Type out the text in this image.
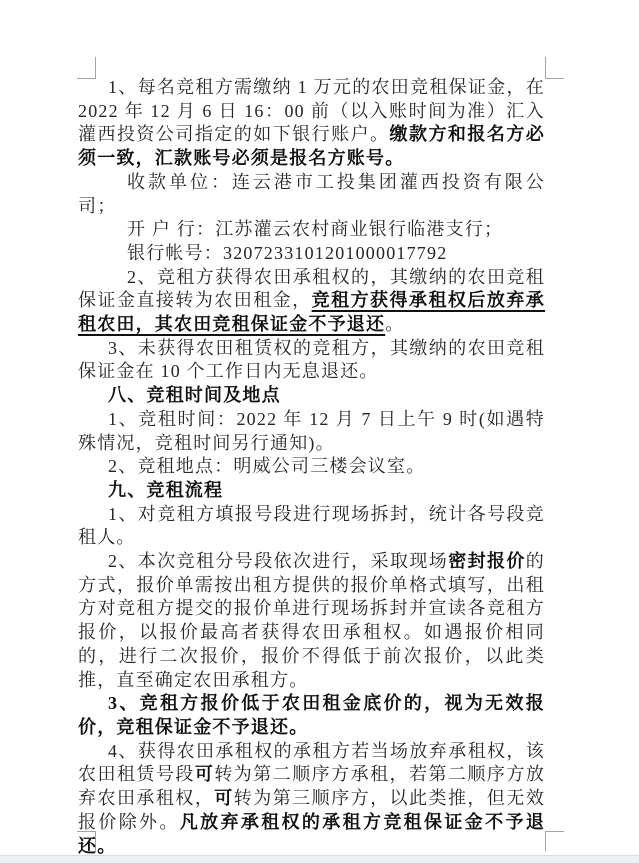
1、每名竞租方需缴纳 1 万元的农田竞租保证金，在 2022 年 12 月 6 日 16：00 前（以入账时间为准）汇入灌西投资公司指定的如下银行账户。缴款方和报名方必须一致，汇款账号必须是报名方账号。

收款单位：连云港市工投集团灌西投资有限公司；

开 户 行：江苏灌云农村商业银行临港支行；

银行帐号：3207233101201000017792

2、竞租方获得农田承租权的，其缴纳的农田竞租保证金直接转为农田租金，竞租方获得承租权后放弃承租农田，其农田竞租保证金不予退还。

3、未获得农田租赁权的竞租方，其缴纳的农田竞租保证金在 10 个工作日内无息退还。

八、竞租时间及地点

1、竞租时间：2022 年 12 月 7 日上午 9 时(如遇特殊情况，竞租时间另行通知)。

2、竞租地点：明威公司三楼会议室。

九、竞租流程

1、对竞租方填报号段进行现场拆封，统计各号段竞租人。

2、本次竞租分号段依次进行，采取现场密封报价的方式，报价单需按出租方提供的报价单格式填写，出租方对竞租方提交的报价单进行现场拆封并宣读各竞租方报价，以报价最高者获得农田承租权。如遇报价相同的，进行二次报价，报价不得低于前次报价，以此类推，直至确定农田承租方。

3、竞租方报价低于农田租金底价的，视为无效报价，竞租保证金不予退还。

4、获得农田承租权的承租方若当场放弃承租权，该农田租赁号段可转为第二顺序方承租，若第二顺序方放弃农田承租权，可转为第三顺序方，以此类推，但无效报价除外。凡放弃承租权的承租方竞租保证金不予退还。
